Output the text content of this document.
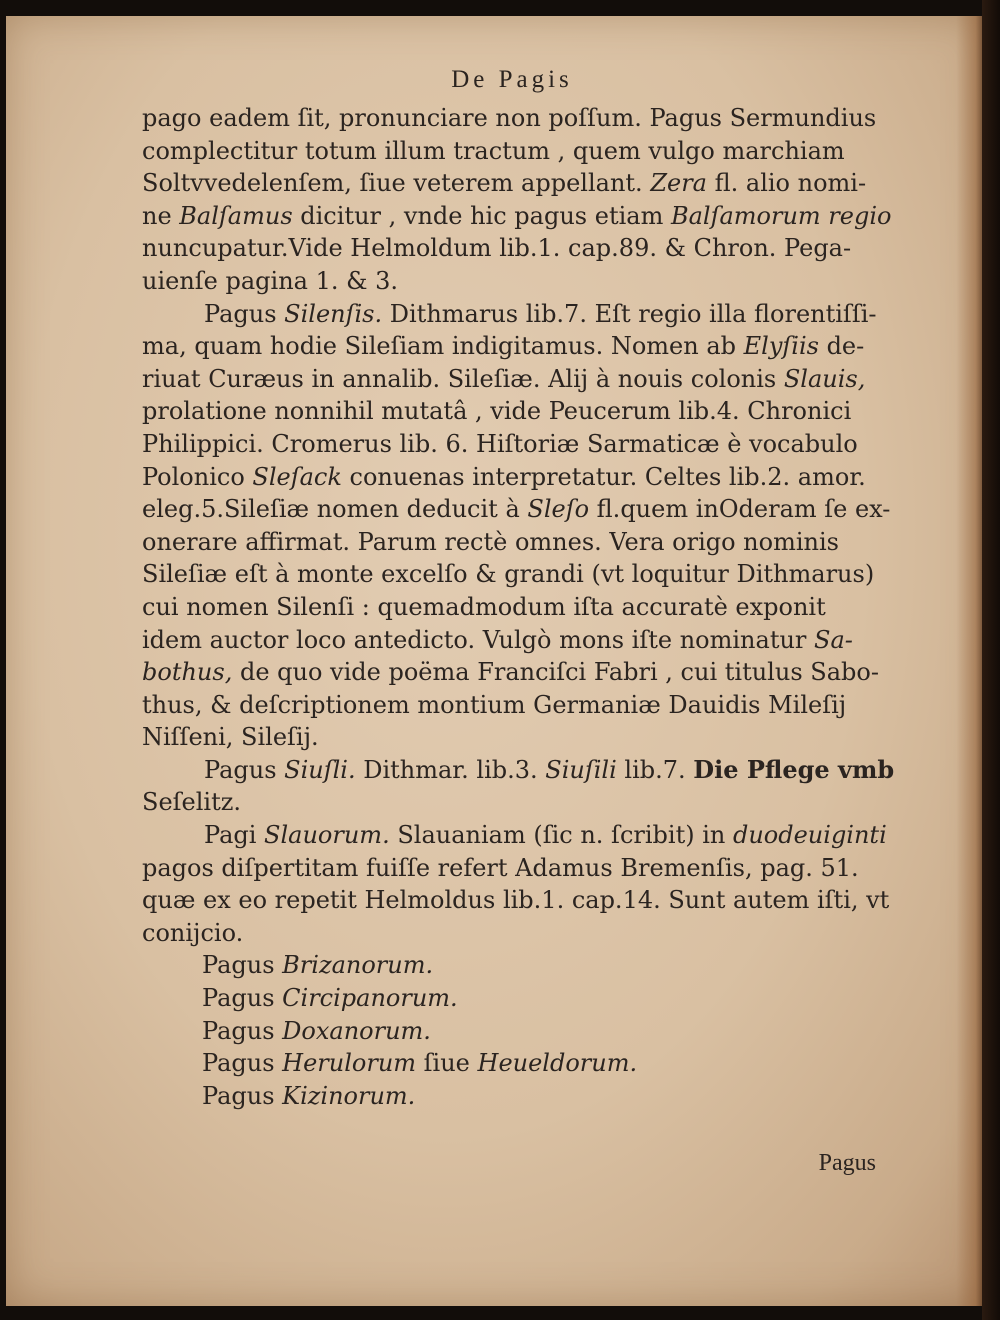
De Pagis
pago eadem ſit, pronunciare non poſſum. Pagus Sermundius
complectitur totum illum tractum , quem vulgo marchiam
Soltvvedelenſem, ſiue veterem appellant. Zera fl. alio nomi-
ne Balſamus dicitur , vnde hic pagus etiam Balſamorum regio
nuncupatur.Vide Helmoldum lib.1. cap.89. & Chron. Pega-
uienſe pagina 1. & 3.
Pagus Silenſis. Dithmarus lib.7. Eſt regio illa florentiſſi-
ma, quam hodie Sileſiam indigitamus. Nomen ab Elyſiis de-
riuat Curæus in annalib. Sileſiæ. Alij à nouis colonis Slauis,
prolatione nonnihil mutatâ , vide Peucerum lib.4. Chronici
Philippici. Cromerus lib. 6. Hiſtoriæ Sarmaticæ è vocabulo
Polonico Sleſack conuenas interpretatur. Celtes lib.2. amor.
eleg.5.Sileſiæ nomen deducit à Sleſo fl.quem inOderam ſe ex-
onerare affirmat. Parum rectè omnes. Vera origo nominis
Sileſiæ eſt à monte excelſo & grandi (vt loquitur Dithmarus)
cui nomen Silenſi : quemadmodum iſta accuratè exponit
idem auctor loco antedicto. Vulgò mons iſte nominatur Sa-
bothus, de quo vide poëma Franciſci Fabri , cui titulus Sabo-
thus, & deſcriptionem montium Germaniæ Dauidis Mileſij
Niſſeni, Sileſij.
Pagus Siuſli. Dithmar. lib.3. Siuſili lib.7. Die Pflege vmb
Seſelitz.
Pagi Slauorum. Slauaniam (ſic n. ſcribit) in duodeuiginti
pagos diſpertitam fuiſſe refert Adamus Bremenſis, pag. 51.
quæ ex eo repetit Helmoldus lib.1. cap.14. Sunt autem iſti, vt
conijcio.
Pagus Brizanorum.
Pagus Circipanorum.
Pagus Doxanorum.
Pagus Herulorum ſiue Heueldorum.
Pagus Kizinorum.
Pagus
